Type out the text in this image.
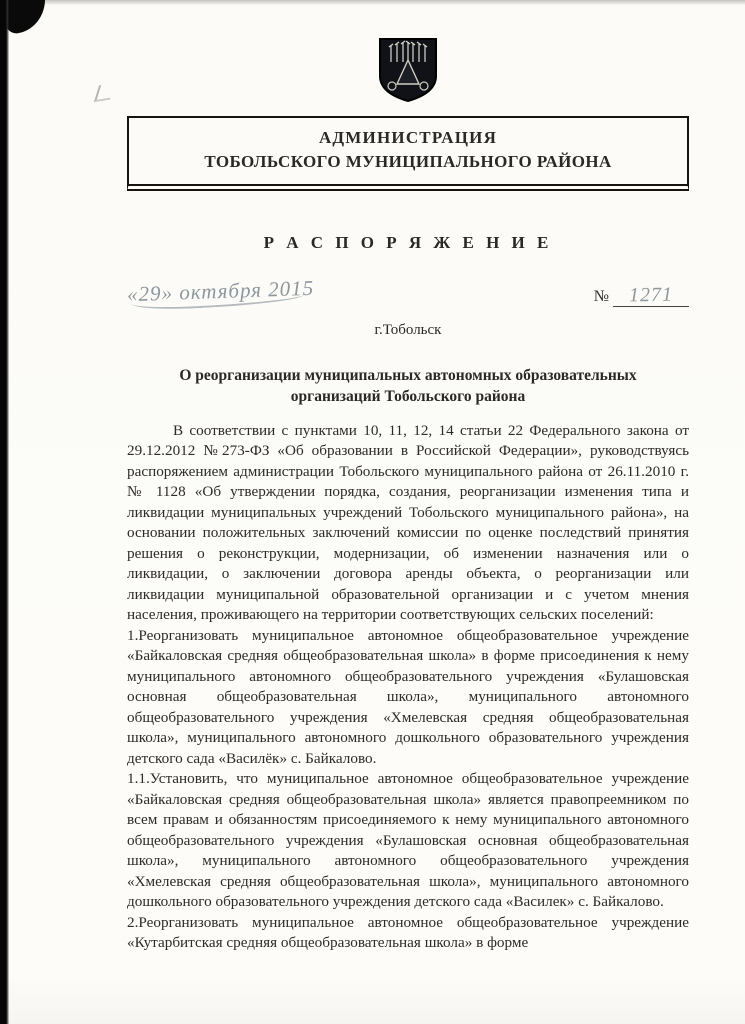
АДМИНИСТРАЦИЯ
ТОБОЛЬСКОГО МУНИЦИПАЛЬНОГО РАЙОНА
Р А С П О Р Я Ж Е Н И Е
«29» октября 2015	№ 1271
г.Тобольск
О реорганизации муниципальных автономных образовательных
организаций Тобольского района

В соответствии с пунктами 10, 11, 12, 14 статьи 22 Федерального закона от 29.12.2012 №273-ФЗ «Об образовании в Российской Федерации», руководствуясь распоряжением администрации Тобольского муниципального района от 26.11.2010 г. № 1128 «Об утверждении порядка, создания, реорганизации изменения типа и ликвидации муниципальных учреждений Тобольского муниципального района», на основании положительных заключений комиссии по оценке последствий принятия решения о реконструкции, модернизации, об изменении назначения или о ликвидации, о заключении договора аренды объекта, о реорганизации или ликвидации муниципальной образовательной организации и с учетом мнения населения, проживающего на территории соответствующих сельских поселений:

1.Реорганизовать муниципальное автономное общеобразовательное учреждение «Байкаловская средняя общеобразовательная школа» в форме присоединения к нему муниципального автономного общеобразовательного учреждения «Булашовская основная общеобразовательная школа», муниципального автономного общеобразовательного учреждения «Хмелевская средняя общеобразовательная школа», муниципального автономного дошкольного образовательного учреждения детского сада «Василёк» с. Байкалово.

1.1.Установить, что муниципальное автономное общеобразовательное учреждение «Байкаловская средняя общеобразовательная школа» является правопреемником по всем правам и обязанностям присоединяемого к нему муниципального автономного общеобразовательного учреждения «Булашовская основная общеобразовательная школа», муниципального автономного общеобразовательного учреждения «Хмелевская средняя общеобразовательная школа», муниципального автономного дошкольного образовательного учреждения детского сада «Василек» с. Байкалово.

2.Реорганизовать муниципальное автономное общеобразовательное учреждение «Кутарбитская средняя общеобразовательная школа» в форме
